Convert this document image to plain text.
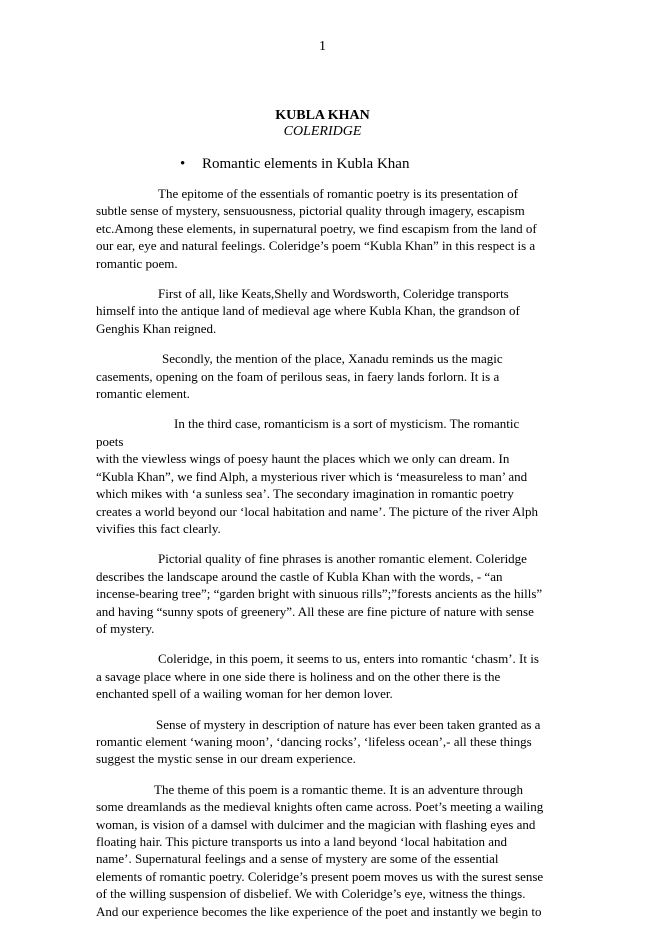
1
KUBLA KHAN
COLERIDGE
• Romantic elements in Kubla Khan

The epitome of the essentials of romantic poetry is its presentation of
subtle sense of mystery, sensuousness, pictorial quality through imagery, escapism
etc.Among these elements, in supernatural poetry, we find escapism from the land of
our ear, eye and natural feelings. Coleridge’s poem “Kubla Khan” in this respect is a
romantic poem.

First of all, like Keats,Shelly and Wordsworth, Coleridge transports
himself into the antique land of medieval age where Kubla Khan, the grandson of
Genghis Khan reigned.

Secondly, the mention of the place, Xanadu reminds us the magic
casements, opening on the foam of perilous seas, in faery lands forlorn. It is a
romantic element.

In the third case, romanticism is a sort of mysticism. The romantic poets
with the viewless wings of poesy haunt the places which we only can dream. In
“Kubla Khan”, we find Alph, a mysterious river which is ‘measureless to man’ and
which mikes with ‘a sunless sea’. The secondary imagination in romantic poetry
creates a world beyond our ‘local habitation and name’. The picture of the river Alph
vivifies this fact clearly.

Pictorial quality of fine phrases is another romantic element. Coleridge
describes the landscape around the castle of Kubla Khan with the words, - “an
incense-bearing tree”; “garden bright with sinuous rills”;”forests ancients as the hills”
and having “sunny spots of greenery”. All these are fine picture of nature with sense
of mystery.

Coleridge, in this poem, it seems to us, enters into romantic ‘chasm’. It is
a savage place where in one side there is holiness and on the other there is the
enchanted spell of a wailing woman for her demon lover.

Sense of mystery in description of nature has ever been taken granted as a
romantic element ‘waning moon’, ‘dancing rocks’, ‘lifeless ocean’,- all these things
suggest the mystic sense in our dream experience.

The theme of this poem is a romantic theme. It is an adventure through
some dreamlands as the medieval knights often came across. Poet’s meeting a wailing
woman, is vision of a damsel with dulcimer and the magician with flashing eyes and
floating hair. This picture transports us into a land beyond ‘local habitation and
name’. Supernatural feelings and a sense of mystery are some of the essential
elements of romantic poetry. Coleridge’s present poem moves us with the surest sense
of the willing suspension of disbelief. We with Coleridge’s eye, witness the things.
And our experience becomes the like experience of the poet and instantly we begin to
